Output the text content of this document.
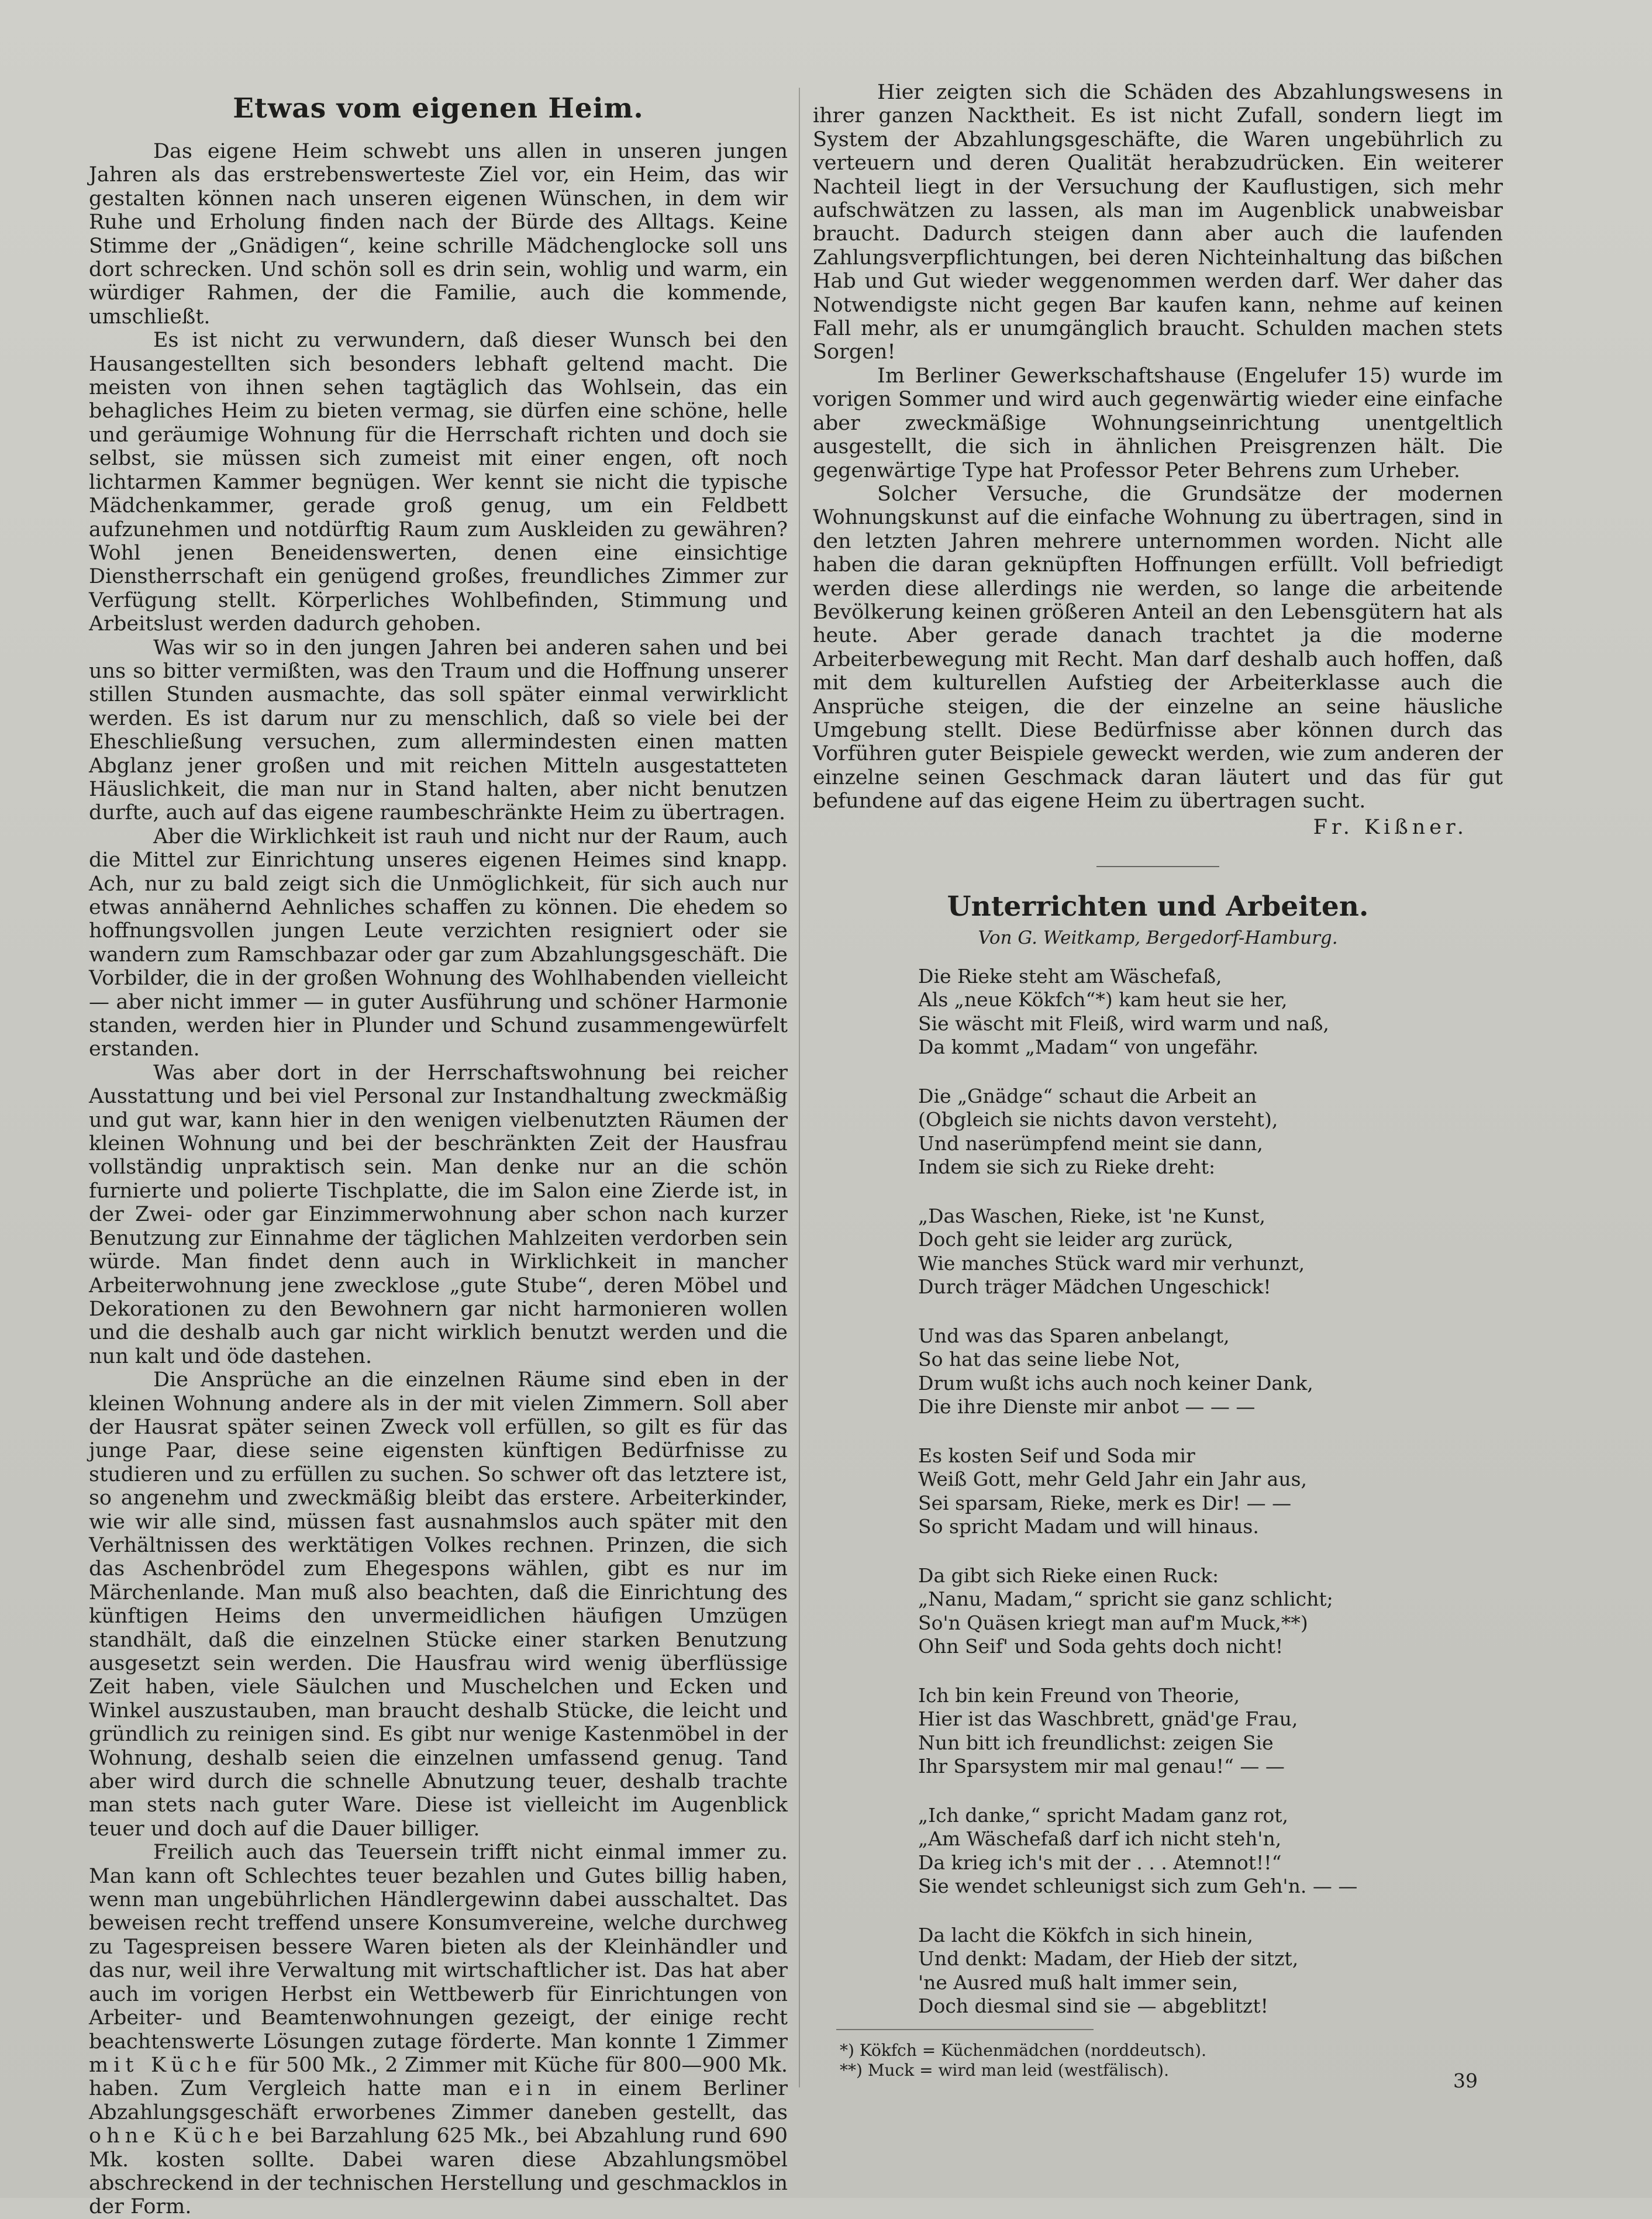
Etwas vom eigenen Heim.

Das eigene Heim schwebt uns allen in unseren jungen Jahren als das erstrebenswerteste Ziel vor, ein Heim, das wir gestalten können nach unseren eigenen Wünschen, in dem wir Ruhe und Erholung finden nach der Bürde des Alltags. Keine Stimme der „Gnädigen“, keine schrille Mädchenglocke soll uns dort schrecken. Und schön soll es drin sein, wohlig und warm, ein würdiger Rahmen, der die Familie, auch die kommende, umschließt.

Es ist nicht zu verwundern, daß dieser Wunsch bei den Hausangestellten sich besonders lebhaft geltend macht. Die meisten von ihnen sehen tagtäglich das Wohlsein, das ein behagliches Heim zu bieten vermag, sie dürfen eine schöne, helle und geräumige Wohnung für die Herrschaft richten und doch sie selbst, sie müssen sich zumeist mit einer engen, oft noch lichtarmen Kammer begnügen. Wer kennt sie nicht die typische Mädchenkammer, gerade groß genug, um ein Feldbett aufzunehmen und notdürftig Raum zum Auskleiden zu gewähren? Wohl jenen Beneidenswerten, denen eine einsichtige Dienstherrschaft ein genügend großes, freundliches Zimmer zur Verfügung stellt. Körperliches Wohlbefinden, Stimmung und Arbeitslust werden dadurch gehoben.

Was wir so in den jungen Jahren bei anderen sahen und bei uns so bitter vermißten, was den Traum und die Hoffnung unserer stillen Stunden ausmachte, das soll später einmal verwirklicht werden. Es ist darum nur zu menschlich, daß so viele bei der Eheschließung versuchen, zum allermindesten einen matten Abglanz jener großen und mit reichen Mitteln ausgestatteten Häuslichkeit, die man nur in Stand halten, aber nicht benutzen durfte, auch auf das eigene raumbeschränkte Heim zu übertragen.

Aber die Wirklichkeit ist rauh und nicht nur der Raum, auch die Mittel zur Einrichtung unseres eigenen Heimes sind knapp. Ach, nur zu bald zeigt sich die Unmöglichkeit, für sich auch nur etwas annähernd Aehnliches schaffen zu können. Die ehedem so hoffnungsvollen jungen Leute verzichten resigniert oder sie wandern zum Ramschbazar oder gar zum Abzahlungsgeschäft. Die Vorbilder, die in der großen Wohnung des Wohlhabenden vielleicht — aber nicht immer — in guter Ausführung und schöner Harmonie standen, werden hier in Plunder und Schund zusammengewürfelt erstanden.

Was aber dort in der Herrschaftswohnung bei reicher Ausstattung und bei viel Personal zur Instandhaltung zweckmäßig und gut war, kann hier in den wenigen vielbenutzten Räumen der kleinen Wohnung und bei der beschränkten Zeit der Hausfrau vollständig unpraktisch sein. Man denke nur an die schön furnierte und polierte Tischplatte, die im Salon eine Zierde ist, in der Zwei- oder gar Einzimmerwohnung aber schon nach kurzer Benutzung zur Einnahme der täglichen Mahlzeiten verdorben sein würde. Man findet denn auch in Wirklichkeit in mancher Arbeiterwohnung jene zwecklose „gute Stube“, deren Möbel und Dekorationen zu den Bewohnern gar nicht harmonieren wollen und die deshalb auch gar nicht wirklich benutzt werden und die nun kalt und öde dastehen.

Die Ansprüche an die einzelnen Räume sind eben in der kleinen Wohnung andere als in der mit vielen Zimmern. Soll aber der Hausrat später seinen Zweck voll erfüllen, so gilt es für das junge Paar, diese seine eigensten künftigen Bedürfnisse zu studieren und zu erfüllen zu suchen. So schwer oft das letztere ist, so angenehm und zweckmäßig bleibt das erstere. Arbeiterkinder, wie wir alle sind, müssen fast ausnahmslos auch später mit den Verhältnissen des werktätigen Volkes rechnen. Prinzen, die sich das Aschenbrödel zum Ehegespons wählen, gibt es nur im Märchenlande. Man muß also beachten, daß die Einrichtung des künftigen Heims den unvermeidlichen häufigen Umzügen standhält, daß die einzelnen Stücke einer starken Benutzung ausgesetzt sein werden. Die Hausfrau wird wenig überflüssige Zeit haben, viele Säulchen und Muschelchen und Ecken und Winkel auszustauben, man braucht deshalb Stücke, die leicht und gründlich zu reinigen sind. Es gibt nur wenige Kastenmöbel in der Wohnung, deshalb seien die einzelnen umfassend genug. Tand aber wird durch die schnelle Abnutzung teuer, deshalb trachte man stets nach guter Ware. Diese ist vielleicht im Augenblick teuer und doch auf die Dauer billiger.

Freilich auch das Teuersein trifft nicht einmal immer zu. Man kann oft Schlechtes teuer bezahlen und Gutes billig haben, wenn man ungebührlichen Händlergewinn dabei ausschaltet. Das beweisen recht treffend unsere Konsumvereine, welche durchweg zu Tagespreisen bessere Waren bieten als der Kleinhändler und das nur, weil ihre Verwaltung mit wirtschaftlicher ist. Das hat aber auch im vorigen Herbst ein Wettbewerb für Einrichtungen von Arbeiter- und Beamtenwohnungen gezeigt, der einige recht beachtenswerte Lösungen zutage förderte. Man konnte 1 Zimmer mit Küche für 500 Mk., 2 Zimmer mit Küche für 800—900 Mk. haben. Zum Vergleich hatte man ein in einem Berliner Abzahlungsgeschäft erworbenes Zimmer daneben gestellt, das ohne Küche bei Barzahlung 625 Mk., bei Abzahlung rund 690 Mk. kosten sollte. Dabei waren diese Abzahlungsmöbel abschreckend in der technischen Herstellung und geschmacklos in der Form.

Hier zeigten sich die Schäden des Abzahlungswesens in ihrer ganzen Nacktheit. Es ist nicht Zufall, sondern liegt im System der Abzahlungsgeschäfte, die Waren ungebührlich zu verteuern und deren Qualität herabzudrücken. Ein weiterer Nachteil liegt in der Versuchung der Kauflustigen, sich mehr aufschwätzen zu lassen, als man im Augenblick unabweisbar braucht. Dadurch steigen dann aber auch die laufenden Zahlungsverpflichtungen, bei deren Nichteinhaltung das bißchen Hab und Gut wieder weggenommen werden darf. Wer daher das Notwendigste nicht gegen Bar kaufen kann, nehme auf keinen Fall mehr, als er unumgänglich braucht. Schulden machen stets Sorgen!

Im Berliner Gewerkschaftshause (Engelufer 15) wurde im vorigen Sommer und wird auch gegenwärtig wieder eine einfache aber zweckmäßige Wohnungseinrichtung unentgeltlich ausgestellt, die sich in ähnlichen Preisgrenzen hält. Die gegenwärtige Type hat Professor Peter Behrens zum Urheber.

Solcher Versuche, die Grundsätze der modernen Wohnungskunst auf die einfache Wohnung zu übertragen, sind in den letzten Jahren mehrere unternommen worden. Nicht alle haben die daran geknüpften Hoffnungen erfüllt. Voll befriedigt werden diese allerdings nie werden, so lange die arbeitende Bevölkerung keinen größeren Anteil an den Lebensgütern hat als heute. Aber gerade danach trachtet ja die moderne Arbeiterbewegung mit Recht. Man darf deshalb auch hoffen, daß mit dem kulturellen Aufstieg der Arbeiterklasse auch die Ansprüche steigen, die der einzelne an seine häusliche Umgebung stellt. Diese Bedürfnisse aber können durch das Vorführen guter Beispiele geweckt werden, wie zum anderen der einzelne seinen Geschmack daran läutert und das für gut befundene auf das eigene Heim zu übertragen sucht.

Fr. Kißner.
Unterrichten und Arbeiten.
Von G. Weitkamp, Bergedorf-Hamburg.
Die Rieke steht am Wäschefaß,
Als „neue Kökfch“*) kam heut sie her,
Sie wäscht mit Fleiß, wird warm und naß,
Da kommt „Madam“ von ungefähr.
Die „Gnädge“ schaut die Arbeit an
(Obgleich sie nichts davon versteht),
Und naserümpfend meint sie dann,
Indem sie sich zu Rieke dreht:
„Das Waschen, Rieke, ist 'ne Kunst,
Doch geht sie leider arg zurück,
Wie manches Stück ward mir verhunzt,
Durch träger Mädchen Ungeschick!
Und was das Sparen anbelangt,
So hat das seine liebe Not,
Drum wußt ichs auch noch keiner Dank,
Die ihre Dienste mir anbot — — —
Es kosten Seif und Soda mir
Weiß Gott, mehr Geld Jahr ein Jahr aus,
Sei sparsam, Rieke, merk es Dir! — —
So spricht Madam und will hinaus.
Da gibt sich Rieke einen Ruck:
„Nanu, Madam,“ spricht sie ganz schlicht;
So'n Quäsen kriegt man auf'm Muck,**)
Ohn Seif' und Soda gehts doch nicht!
Ich bin kein Freund von Theorie,
Hier ist das Waschbrett, gnäd'ge Frau,
Nun bitt ich freundlichst: zeigen Sie
Ihr Sparsystem mir mal genau!“ — —
„Ich danke,“ spricht Madam ganz rot,
„Am Wäschefaß darf ich nicht steh'n,
Da krieg ich's mit der . . . Atemnot!!“
Sie wendet schleunigst sich zum Geh'n. — —
Da lacht die Kökfch in sich hinein,
Und denkt: Madam, der Hieb der sitzt,
'ne Ausred muß halt immer sein,
Doch diesmal sind sie — abgeblitzt!
*) Kökfch = Küchenmädchen (norddeutsch).
**) Muck = wird man leid (westfälisch).	39
